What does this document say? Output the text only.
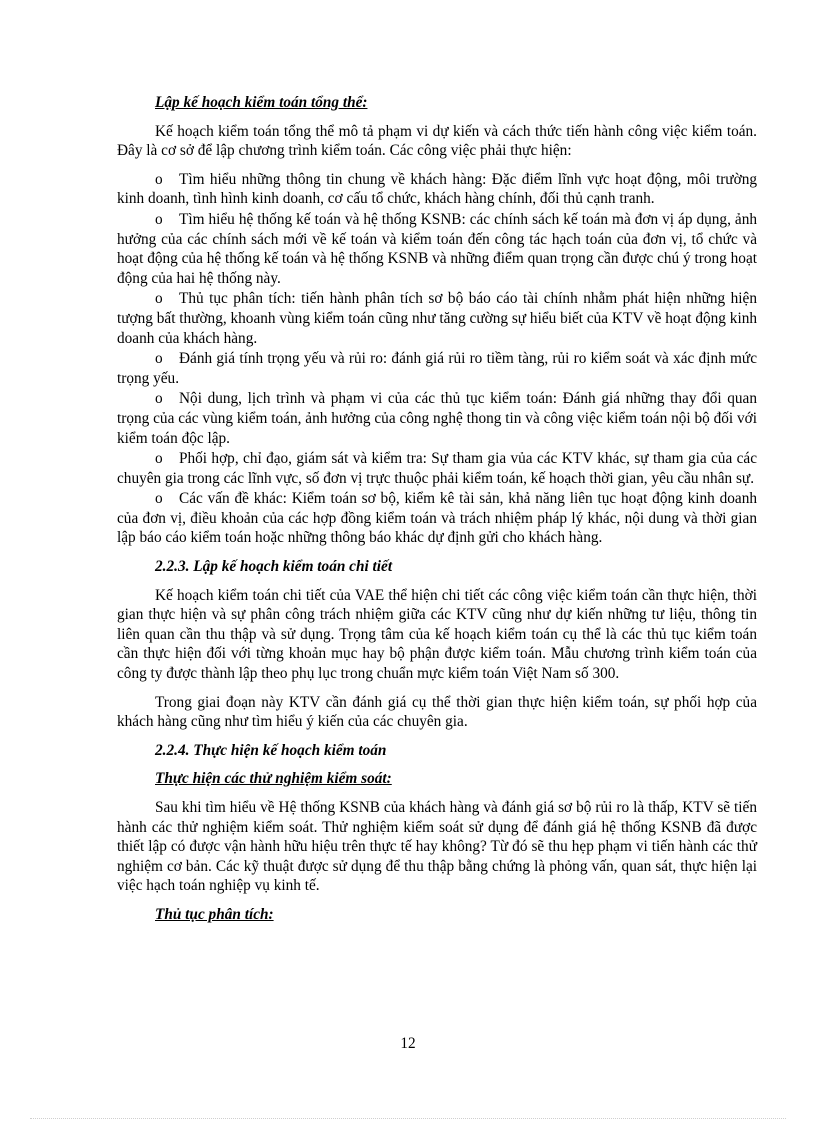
Lập kế hoạch kiểm toán tổng thể:

Kế hoạch kiểm toán tổng thể mô tả phạm vi dự kiến và cách thức tiến hành công việc kiểm toán. Đây là cơ sở để lập chương trình kiểm toán. Các công việc phải thực hiện:

o Tìm hiểu những thông tin chung về khách hàng: Đặc điểm lĩnh vực hoạt động, môi trường kinh doanh, tình hình kinh doanh, cơ cấu tổ chức, khách hàng chính, đối thủ cạnh tranh.

o Tìm hiểu hệ thống kế toán và hệ thống KSNB: các chính sách kế toán mà đơn vị áp dụng, ảnh hưởng của các chính sách mới về kế toán và kiểm toán đến công tác hạch toán của đơn vị, tổ chức và hoạt động của hệ thống kế toán và hệ thống KSNB và những điểm quan trọng cần được chú ý trong hoạt động của hai hệ thống này.

o Thủ tục phân tích: tiến hành phân tích sơ bộ báo cáo tài chính nhằm phát hiện những hiện tượng bất thường, khoanh vùng kiểm toán cũng như tăng cường sự hiểu biết của KTV về hoạt động kinh doanh của khách hàng.

o Đánh giá tính trọng yếu và rủi ro: đánh giá rủi ro tiềm tàng, rủi ro kiểm soát và xác định mức trọng yếu.

o Nội dung, lịch trình và phạm vi của các thủ tục kiểm toán: Đánh giá những thay đổi quan trọng của các vùng kiểm toán, ảnh hưởng của công nghệ thong tin và công việc kiểm toán nội bộ đối với kiểm toán độc lập.

o Phối hợp, chỉ đạo, giám sát và kiểm tra: Sự tham gia vủa các KTV khác, sự tham gia của các chuyên gia trong các lĩnh vực, số đơn vị trực thuộc phải kiểm toán, kế hoạch thời gian, yêu cầu nhân sự.

o Các vấn đề khác: Kiểm toán sơ bộ, kiểm kê tài sản, khả năng liên tục hoạt động kinh doanh của đơn vị, điều khoản của các hợp đồng kiểm toán và trách nhiệm pháp lý khác, nội dung và thời gian lập báo cáo kiểm toán hoặc những thông báo khác dự định gửi cho khách hàng.

2.2.3. Lập kế hoạch kiểm toán chi tiết

Kế hoạch kiểm toán chi tiết của VAE thể hiện chi tiết các công việc kiểm toán cần thực hiện, thời gian thực hiện và sự phân công trách nhiệm giữa các KTV cũng như dự kiến những tư liệu, thông tin liên quan cần thu thập và sử dụng. Trọng tâm của kế hoạch kiểm toán cụ thể là các thủ tục kiểm toán cần thực hiện đối với từng khoản mục hay bộ phận được kiểm toán. Mẫu chương trình kiểm toán của công ty được thành lập theo phụ lục trong chuẩn mực kiểm toán Việt Nam số 300.

Trong giai đoạn này KTV cần đánh giá cụ thể thời gian thực hiện kiểm toán, sự phối hợp của khách hàng cũng như tìm hiểu ý kiến của các chuyên gia.

2.2.4. Thực hiện kế hoạch kiểm toán
Thực hiện các thử nghiệm kiểm soát:

Sau khi tìm hiểu về Hệ thống KSNB của khách hàng và đánh giá sơ bộ rủi ro là thấp, KTV sẽ tiến hành các thử nghiệm kiểm soát. Thử nghiệm kiểm soát sử dụng để đánh giá hệ thống KSNB đã được thiết lập có được vận hành hữu hiệu trên thực tế hay không? Từ đó sẽ thu hẹp phạm vi tiến hành các thử nghiệm cơ bản. Các kỹ thuật được sử dụng để thu thập bằng chứng là phỏng vấn, quan sát, thực hiện lại việc hạch toán nghiệp vụ kinh tế.

Thủ tục phân tích:
12
